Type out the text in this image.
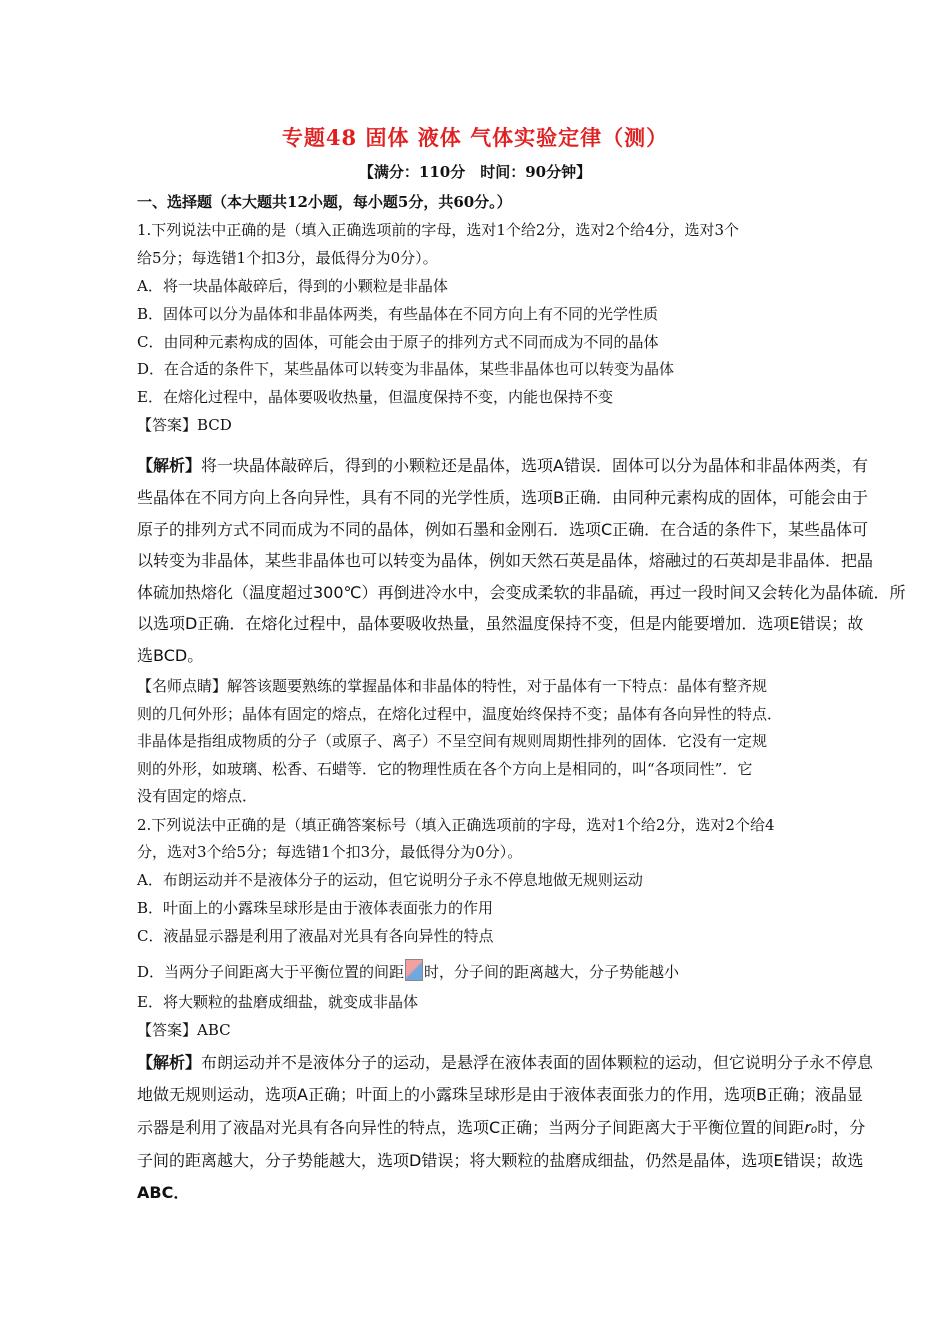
专题48 固体 液体 气体实验定律（测）
【满分：110分　时间：90分钟】
一、选择题（本大题共12小题，每小题5分，共60分。）
1.下列说法中正确的是（填入正确选项前的字母，选对1个给2分，选对2个给4分，选对3个
给5分；每选错1个扣3分，最低得分为0分）。
A．将一块晶体敲碎后，得到的小颗粒是非晶体
B．固体可以分为晶体和非晶体两类，有些晶体在不同方向上有不同的光学性质
C．由同种元素构成的固体，可能会由于原子的排列方式不同而成为不同的晶体
D．在合适的条件下，某些晶体可以转变为非晶体，某些非晶体也可以转变为晶体
E．在熔化过程中，晶体要吸收热量，但温度保持不变，内能也保持不变
【答案】BCD
【解析】将一块晶体敲碎后，得到的小颗粒还是晶体，选项A错误．固体可以分为晶体和非晶体两类，有
些晶体在不同方向上各向异性，具有不同的光学性质，选项B正确．由同种元素构成的固体，可能会由于
原子的排列方式不同而成为不同的晶体，例如石墨和金刚石．选项C正确．在合适的条件下，某些晶体可
以转变为非晶体，某些非晶体也可以转变为晶体，例如天然石英是晶体，熔融过的石英却是非晶体．把晶
体硫加热熔化（温度超过300℃）再倒进冷水中，会变成柔软的非晶硫，再过一段时间又会转化为晶体硫．所
以选项D正确．在熔化过程中，晶体要吸收热量，虽然温度保持不变，但是内能要增加．选项E错误；故
选BCD。
【名师点睛】解答该题要熟练的掌握晶体和非晶体的特性，对于晶体有一下特点：晶体有整齐规
则的几何外形；晶体有固定的熔点，在熔化过程中，温度始终保持不变；晶体有各向异性的特点．
非晶体是指组成物质的分子（或原子、离子）不呈空间有规则周期性排列的固体．它没有一定规
则的外形，如玻璃、松香、石蜡等．它的物理性质在各个方向上是相同的，叫“各项同性”．它
没有固定的熔点．
2.下列说法中正确的是（填正确答案标号（填入正确选项前的字母，选对1个给2分，选对2个给4
分，选对3个给5分；每选错1个扣3分，最低得分为0分）。
A．布朗运动并不是液体分子的运动，但它说明分子永不停息地做无规则运动
B．叶面上的小露珠呈球形是由于液体表面张力的作用
C．液晶显示器是利用了液晶对光具有各向异性的特点
D．当两分子间距离大于平衡位置的间距 时，分子间的距离越大，分子势能越小
E．将大颗粒的盐磨成细盐，就变成非晶体
【答案】ABC
【解析】布朗运动并不是液体分子的运动，是悬浮在液体表面的固体颗粒的运动，但它说明分子永不停息
地做无规则运动，选项A正确；叶面上的小露珠呈球形是由于液体表面张力的作用，选项B正确；液晶显
示器是利用了液晶对光具有各向异性的特点，选项C正确；当两分子间距离大于平衡位置的间距r₀时，分
子间的距离越大，分子势能越大，选项D错误；将大颗粒的盐磨成细盐，仍然是晶体，选项E错误；故选
ABC．
